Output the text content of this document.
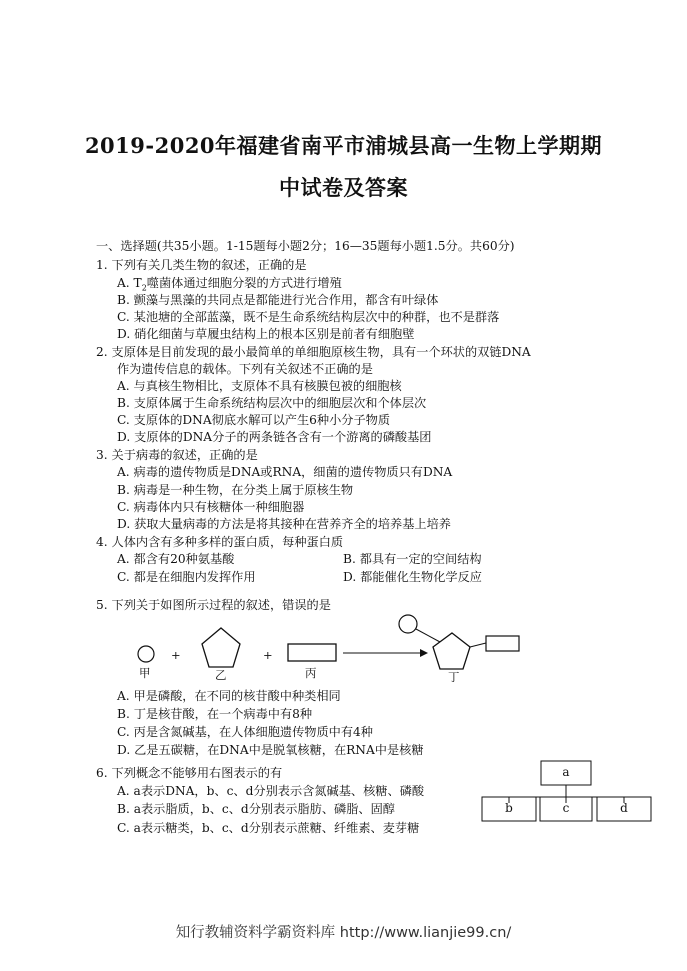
2019-2020年福建省南平市浦城县高一生物上学期期
中试卷及答案
一、选择题(共35小题。1-15题每小题2分；16—35题每小题1.5分。共60分)
1. 下列有关几类生物的叙述，正确的是
A. $T_2$噬菌体通过细胞分裂的方式进行增殖
B. 颤藻与黑藻的共同点是都能进行光合作用，都含有叶绿体
C. 某池塘的全部蓝藻，既不是生命系统结构层次中的种群，也不是群落
D. 硝化细菌与草履虫结构上的根本区别是前者有细胞壁
2. 支原体是目前发现的最小最简单的单细胞原核生物，具有一个环状的双链DNA
作为遗传信息的载体。下列有关叙述不正确的是
A. 与真核生物相比，支原体不具有核膜包被的细胞核
B. 支原体属于生命系统结构层次中的细胞层次和个体层次
C. 支原体的DNA彻底水解可以产生6种小分子物质
D. 支原体的DNA分子的两条链各含有一个游离的磷酸基团
3. 关于病毒的叙述，正确的是
A. 病毒的遗传物质是DNA或RNA，细菌的遗传物质只有DNA
B. 病毒是一种生物，在分类上属于原核生物
C. 病毒体内只有核糖体一种细胞器
D. 获取大量病毒的方法是将其接种在营养齐全的培养基上培养
4. 人体内含有多种多样的蛋白质，每种蛋白质
A. 都含有20种氨基酸	B. 都具有一定的空间结构
C. 都是在细胞内发挥作用	D. 都能催化生物化学反应
5. 下列关于如图所示过程的叙述，错误的是
甲
+
乙
+
丙	丁
A. 甲是磷酸，在不同的核苷酸中种类相同
B. 丁是核苷酸，在一个病毒中有8种
C. 丙是含氮碱基，在人体细胞遗传物质中有4种
D. 乙是五碳糖，在DNA中是脱氧核糖，在RNA中是核糖
6. 下列概念不能够用右图表示的有
A. a表示DNA，b、c、d分别表示含氮碱基、核糖、磷酸
B. a表示脂质，b、c、d分别表示脂肪、磷脂、固醇
C. a表示糖类，b、c、d分别表示蔗糖、纤维素、麦芽糖
a
b	c	d
知行教辅资料学霸资料库 http://www.lianjie99.cn/
